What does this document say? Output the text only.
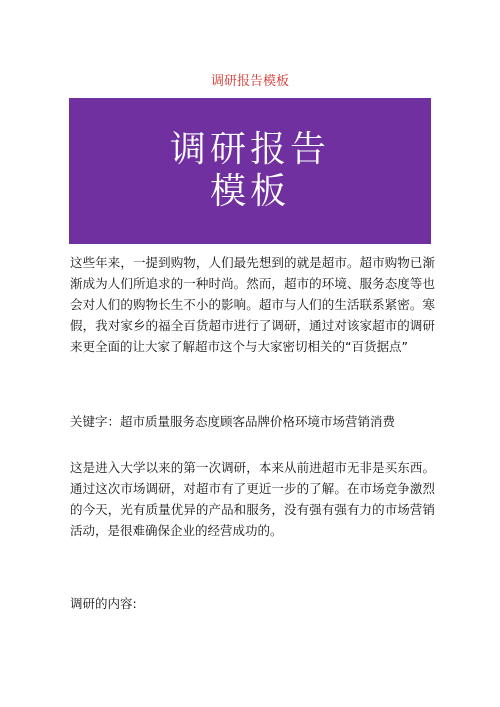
调研报告模板
调研报告
模板

这些年来，一提到购物，人们最先想到的就是超市。超市购物已渐渐成为人们所追求的一种时尚。然而，超市的环境、服务态度等也会对人们的购物长生不小的影响。超市与人们的生活联系紧密。寒假，我对家乡的福全百货超市进行了调研，通过对该家超市的调研来更全面的让大家了解超市这个与大家密切相关的“百货据点”

关键字：超市质量服务态度顾客品牌价格环境市场营销消费

这是进入大学以来的第一次调研，本来从前进超市无非是买东西。通过这次市场调研，对超市有了更近一步的了解。在市场竞争激烈的今天，光有质量优异的产品和服务，没有强有强有力的市场营销活动，是很难确保企业的经营成功的。

调研的内容:
